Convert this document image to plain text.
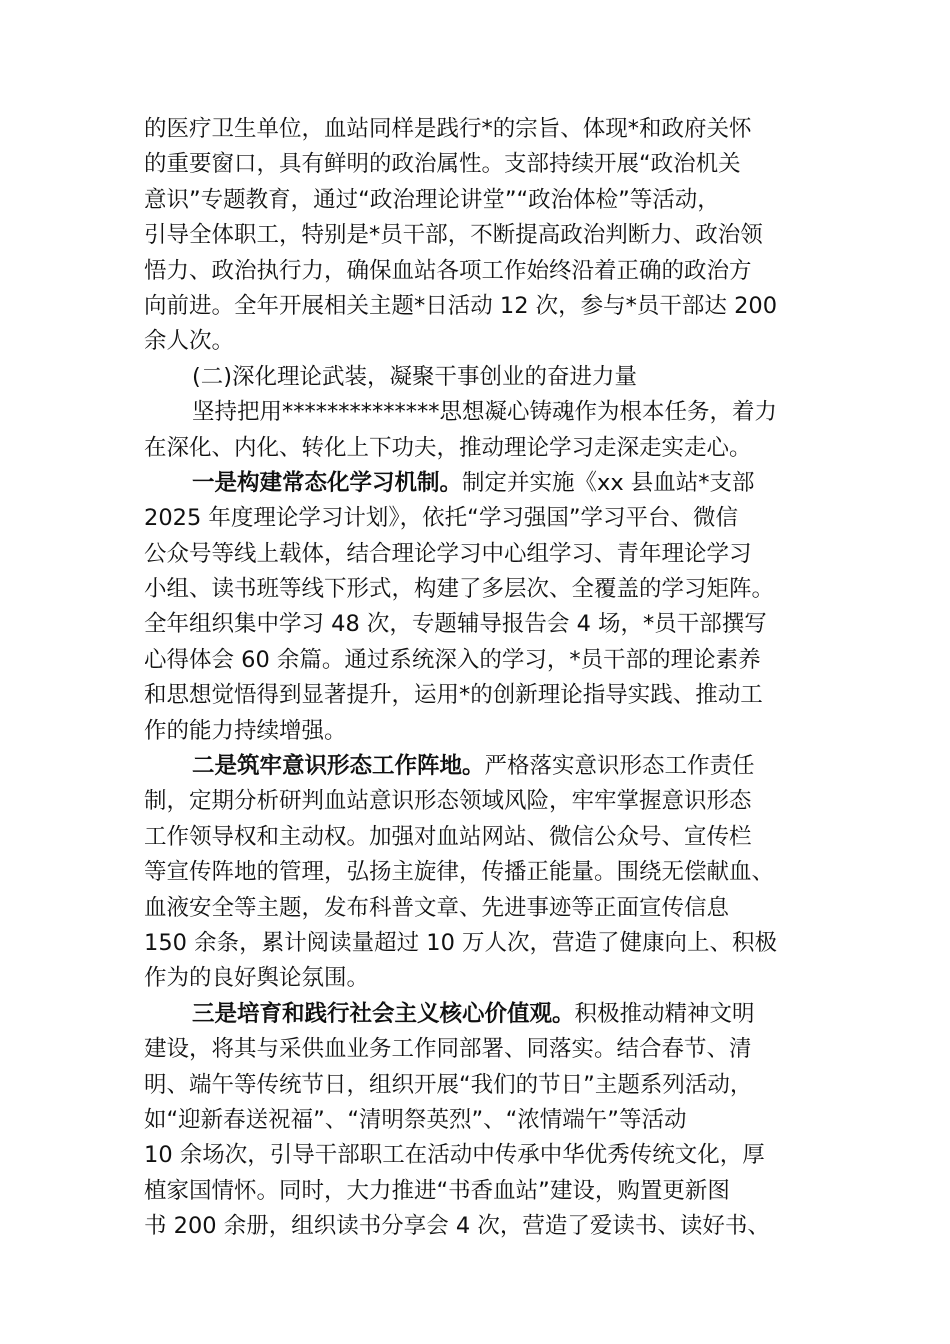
的医疗卫生单位，血站同样是践行*的宗旨、体现*和政府关怀
的重要窗口，具有鲜明的政治属性。支部持续开展“政治机关
意识”专题教育，通过“政治理论讲堂”“政治体检”等活动，
引导全体职工，特别是*员干部，不断提高政治判断力、政治领
悟力、政治执行力，确保血站各项工作始终沿着正确的政治方
向前进。全年开展相关主题*日活动 12 次，参与*员干部达 200
余人次。
(二)深化理论武装，凝聚干事创业的奋进力量
坚持把用**************思想凝心铸魂作为根本任务，着力
在深化、内化、转化上下功夫，推动理论学习走深走实走心。
一是构建常态化学习机制。制定并实施《xx 县血站*支部
2025 年度理论学习计划》，依托“学习强国”学习平台、微信
公众号等线上载体，结合理论学习中心组学习、青年理论学习
小组、读书班等线下形式，构建了多层次、全覆盖的学习矩阵。
全年组织集中学习 48 次，专题辅导报告会 4 场，*员干部撰写
心得体会 60 余篇。通过系统深入的学习，*员干部的理论素养
和思想觉悟得到显著提升，运用*的创新理论指导实践、推动工
作的能力持续增强。
二是筑牢意识形态工作阵地。严格落实意识形态工作责任
制，定期分析研判血站意识形态领域风险，牢牢掌握意识形态
工作领导权和主动权。加强对血站网站、微信公众号、宣传栏
等宣传阵地的管理，弘扬主旋律，传播正能量。围绕无偿献血、
血液安全等主题，发布科普文章、先进事迹等正面宣传信息
150 余条，累计阅读量超过 10 万人次，营造了健康向上、积极
作为的良好舆论氛围。
三是培育和践行社会主义核心价值观。积极推动精神文明
建设，将其与采供血业务工作同部署、同落实。结合春节、清
明、端午等传统节日，组织开展“我们的节日”主题系列活动，
如“迎新春送祝福”、“清明祭英烈”、“浓情端午”等活动
10 余场次，引导干部职工在活动中传承中华优秀传统文化，厚
植家国情怀。同时，大力推进“书香血站”建设，购置更新图
书 200 余册，组织读书分享会 4 次，营造了爱读书、读好书、
